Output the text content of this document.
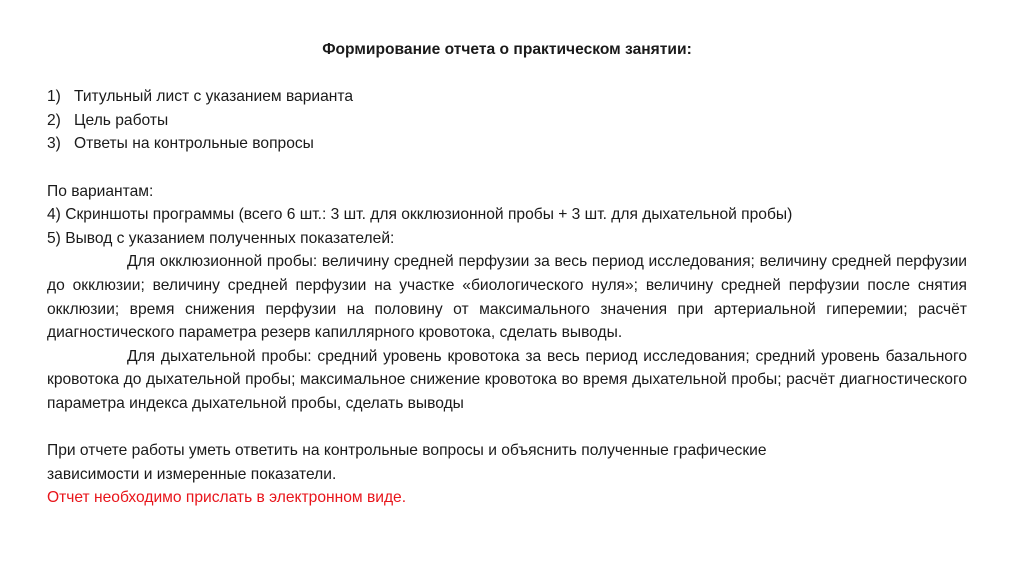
Формирование отчета о практическом занятии:

1) Титульный лист с указанием варианта
2) Цель работы
3) Ответы на контрольные вопросы
По вариантам:
4) Скриншоты программы (всего 6 шт.: 3 шт. для окклюзионной пробы + 3 шт. для дыхательной пробы)
5) Вывод с указанием полученных показателей:
Для окклюзионной пробы: величину средней перфузии за весь период исследования; величину средней перфузии до окклюзии; величину средней перфузии на участке «биологического нуля»; величину средней перфузии после снятия окклюзии; время снижения перфузии на половину от максимального значения при артериальной гиперемии; расчёт диагностического параметра резерв капиллярного кровотока, сделать выводы.
Для дыхательной пробы: средний уровень кровотока за весь период исследования; средний уровень базального кровотока до дыхательной пробы; максимальное снижение кровотока во время дыхательной пробы; расчёт диагностического параметра индекса дыхательной пробы, сделать выводы
При отчете работы уметь ответить на контрольные вопросы и объяснить полученные графические
зависимости и измеренные показатели.
Отчет необходимо прислать в электронном виде.
